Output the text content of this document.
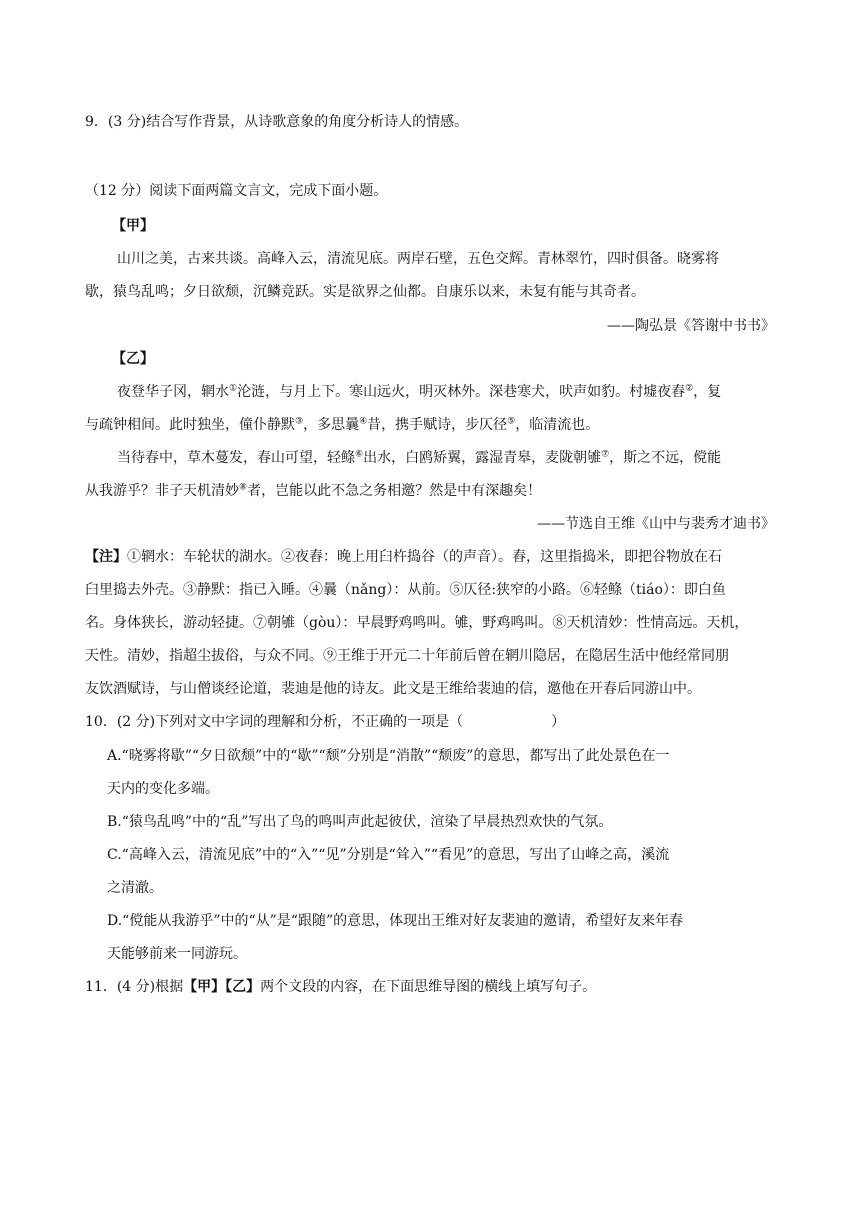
9．(3 分)结合写作背景，从诗歌意象的角度分析诗人的情感。
（12 分）阅读下面两篇文言文，完成下面小题。
【甲】
山川之美，古来共谈。高峰入云，清流见底。两岸石壁，五色交辉。青林翠竹，四时俱备。晓雾将
歇，猿鸟乱鸣；夕日欲颓，沉鳞竞跃。实是欲界之仙都。自康乐以来，未复有能与其奇者。
——陶弘景《答谢中书书》
【乙】
夜登华子冈，辋水①沦涟，与月上下。寒山远火，明灭林外。深巷寒犬，吠声如豹。村墟夜舂②，复
与疏钟相间。此时独坐，僮仆静默③，多思曩④昔，携手赋诗，步仄径⑤，临清流也。
当待春中，草木蔓发，春山可望，轻鲦⑥出水，白鸥矫翼，露湿青皋，麦陇朝雊⑦，斯之不远，傥能
从我游乎？非子天机清妙⑧者，岂能以此不急之务相邀？然是中有深趣矣！
——节选自王维《山中与裴秀才迪书》
【注】①辋水：车轮状的湖水。②夜舂：晚上用臼杵捣谷（的声音）。舂，这里指捣米，即把谷物放在石
臼里捣去外壳。③静默：指已入睡。④曩（nǎng）：从前。⑤仄径:狭窄的小路。⑥轻鲦（tiáo）：即白鱼
名。身体狭长，游动轻捷。⑦朝雊（gòu）：早晨野鸡鸣叫。雊，野鸡鸣叫。⑧天机清妙：性情高远。天机，
天性。清妙，指超尘拔俗，与众不同。⑨王维于开元二十年前后曾在辋川隐居，在隐居生活中他经常同朋
友饮酒赋诗，与山僧谈经论道，裴迪是他的诗友。此文是王维给裴迪的信，邀他在开春后同游山中。
10．(2 分)下列对文中字词的理解和分析，不正确的一项是（	）
A.“晓雾将歇”“夕日欲颓”中的“歇”“颓”分别是“消散”“颓废”的意思，都写出了此处景色在一
天内的变化多端。
B.“猿鸟乱鸣”中的“乱”写出了鸟的鸣叫声此起彼伏，渲染了早晨热烈欢快的气氛。
C.“高峰入云，清流见底”中的“入”“见”分别是“耸入”“看见”的意思，写出了山峰之高，溪流
之清澈。
D.“傥能从我游乎”中的“从”是“跟随”的意思，体现出王维对好友裴迪的邀请，希望好友来年春
天能够前来一同游玩。
11．(4 分)根据【甲】【乙】两个文段的内容，在下面思维导图的横线上填写句子。
